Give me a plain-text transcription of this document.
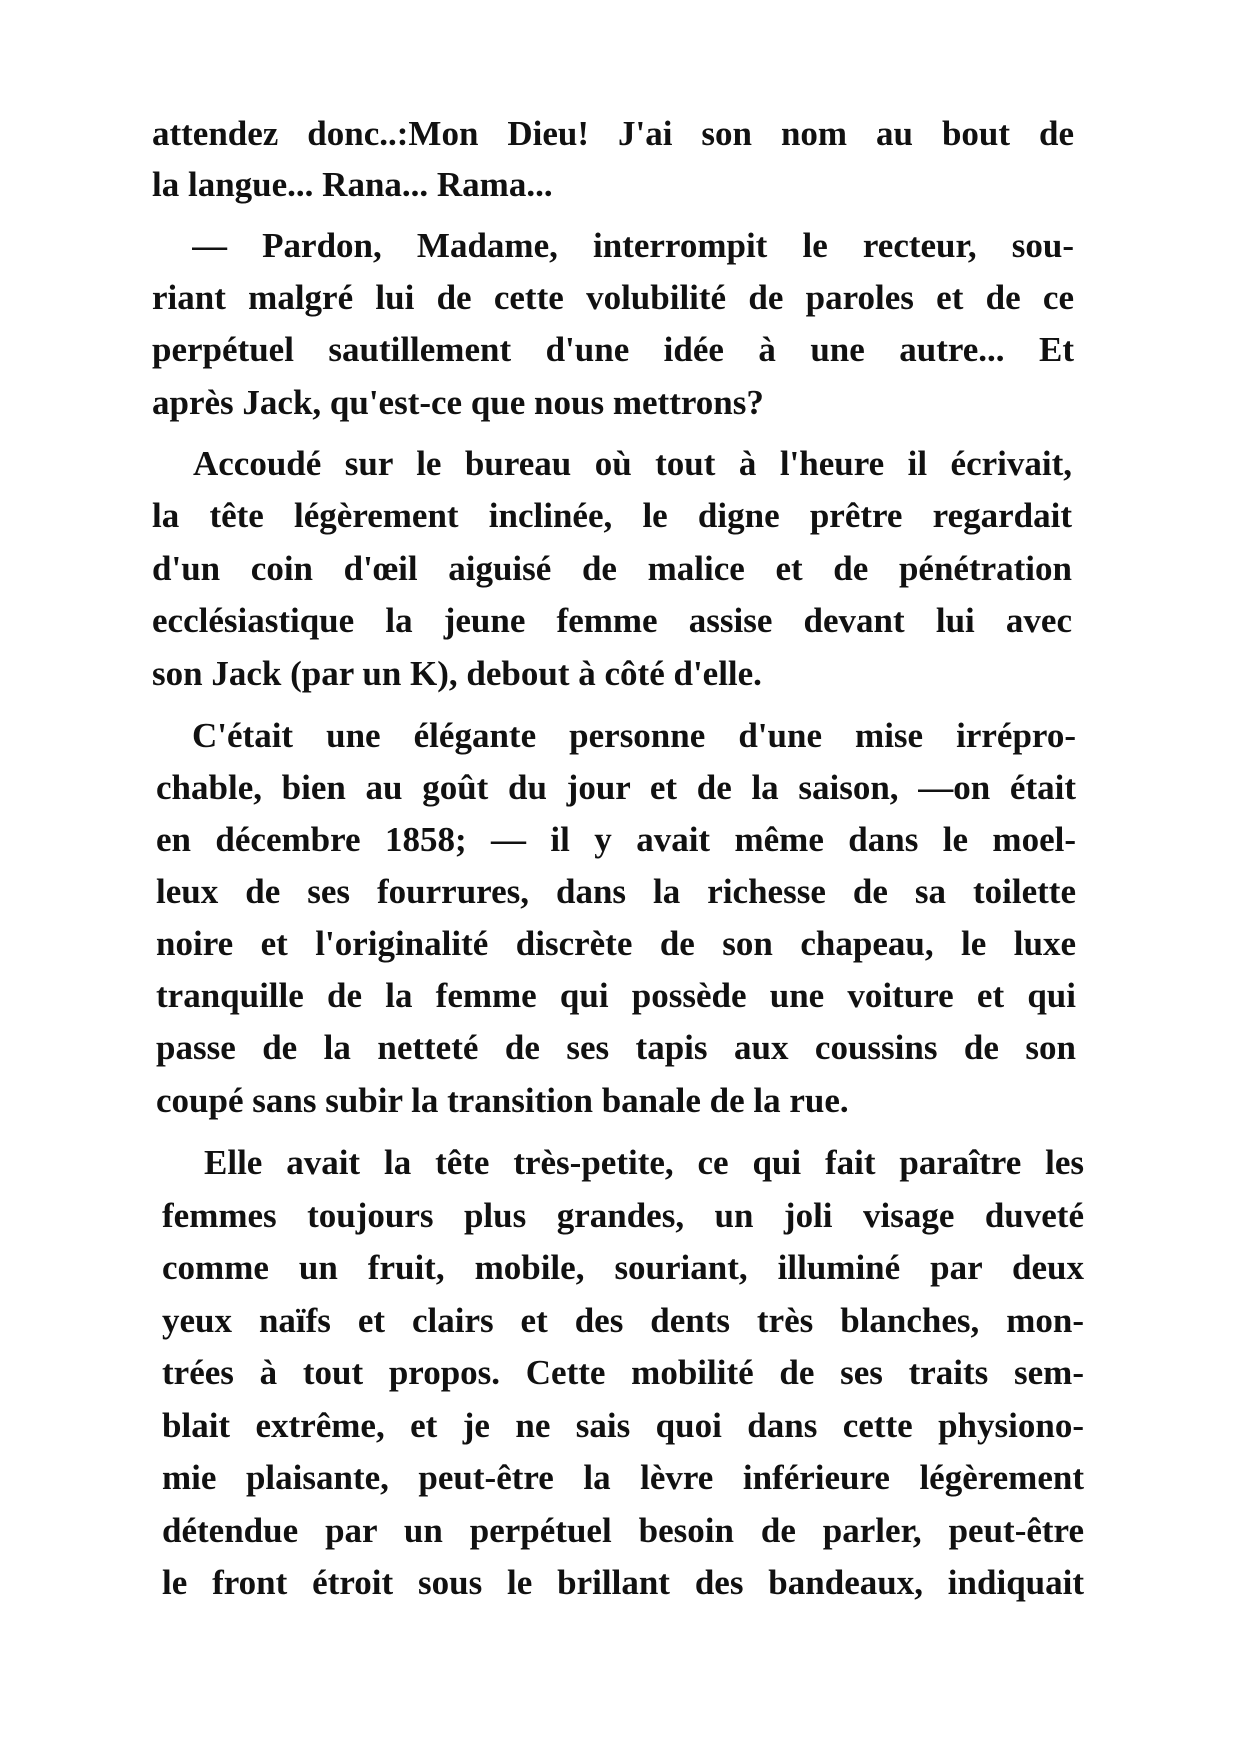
attendez donc..:Mon Dieu! J'ai son nom au bout de
la langue... Rana... Rama...
— Pardon, Madame, interrompit le recteur, sou-
riant malgré lui de cette volubilité de paroles et de ce
perpétuel sautillement d'une idée à une autre... Et
après Jack, qu'est-ce que nous mettrons?
Accoudé sur le bureau où tout à l'heure il écrivait,
la tête légèrement inclinée, le digne prêtre regardait
d'un coin d'œil aiguisé de malice et de pénétration
ecclésiastique la jeune femme assise devant lui avec
son Jack (par un K), debout à côté d'elle.
C'était une élégante personne d'une mise irrépro-
chable, bien au goût du jour et de la saison, —on était
en décembre 1858; — il y avait même dans le moel-
leux de ses fourrures, dans la richesse de sa toilette
noire et l'originalité discrète de son chapeau, le luxe
tranquille de la femme qui possède une voiture et qui
passe de la netteté de ses tapis aux coussins de son
coupé sans subir la transition banale de la rue.
Elle avait la tête très-petite, ce qui fait paraître les
femmes toujours plus grandes, un joli visage duveté
comme un fruit, mobile, souriant, illuminé par deux
yeux naïfs et clairs et des dents très blanches, mon-
trées à tout propos. Cette mobilité de ses traits sem-
blait extrême, et je ne sais quoi dans cette physiono-
mie plaisante, peut-être la lèvre inférieure légèrement
détendue par un perpétuel besoin de parler, peut-être
le front étroit sous le brillant des bandeaux, indiquait
